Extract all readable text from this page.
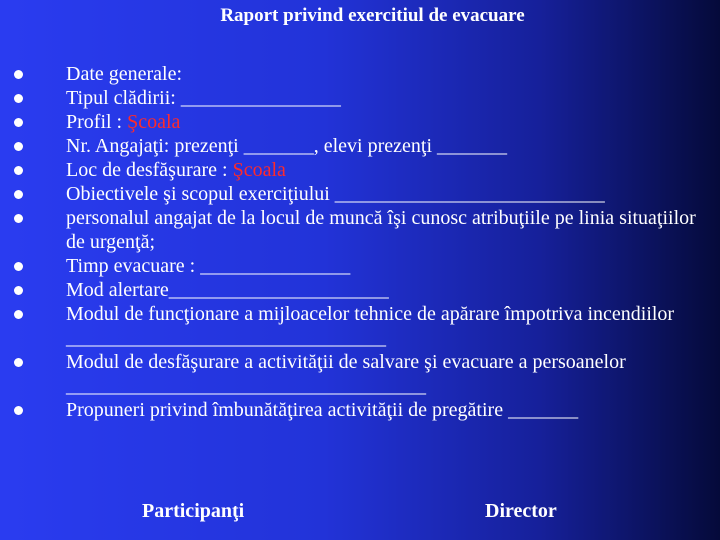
Raport privind exercitiul de evacuare
Date generale:
Tipul clădirii: ________________
Profil : Şcoala
Nr. Angajaţi: prezenţi _______, elevi prezenţi _______
Loc de desfăşurare : Şcoala
Obiectivele şi scopul exerciţiului ___________________________
personalul angajat de la locul de muncă îşi cunosc atribuţiile pe linia situaţiilor de urgenţă;
Timp evacuare : _______________
Mod alertare______________________
Modul de funcţionare a mijloacelor tehnice de apărare împotriva incendiilor ________________________________
Modul de desfăşurare a activităţii de salvare şi evacuare a persoanelor ____________________________________
Propuneri privind îmbunătăţirea activităţii de pregătire _______
Participanţi	Director
